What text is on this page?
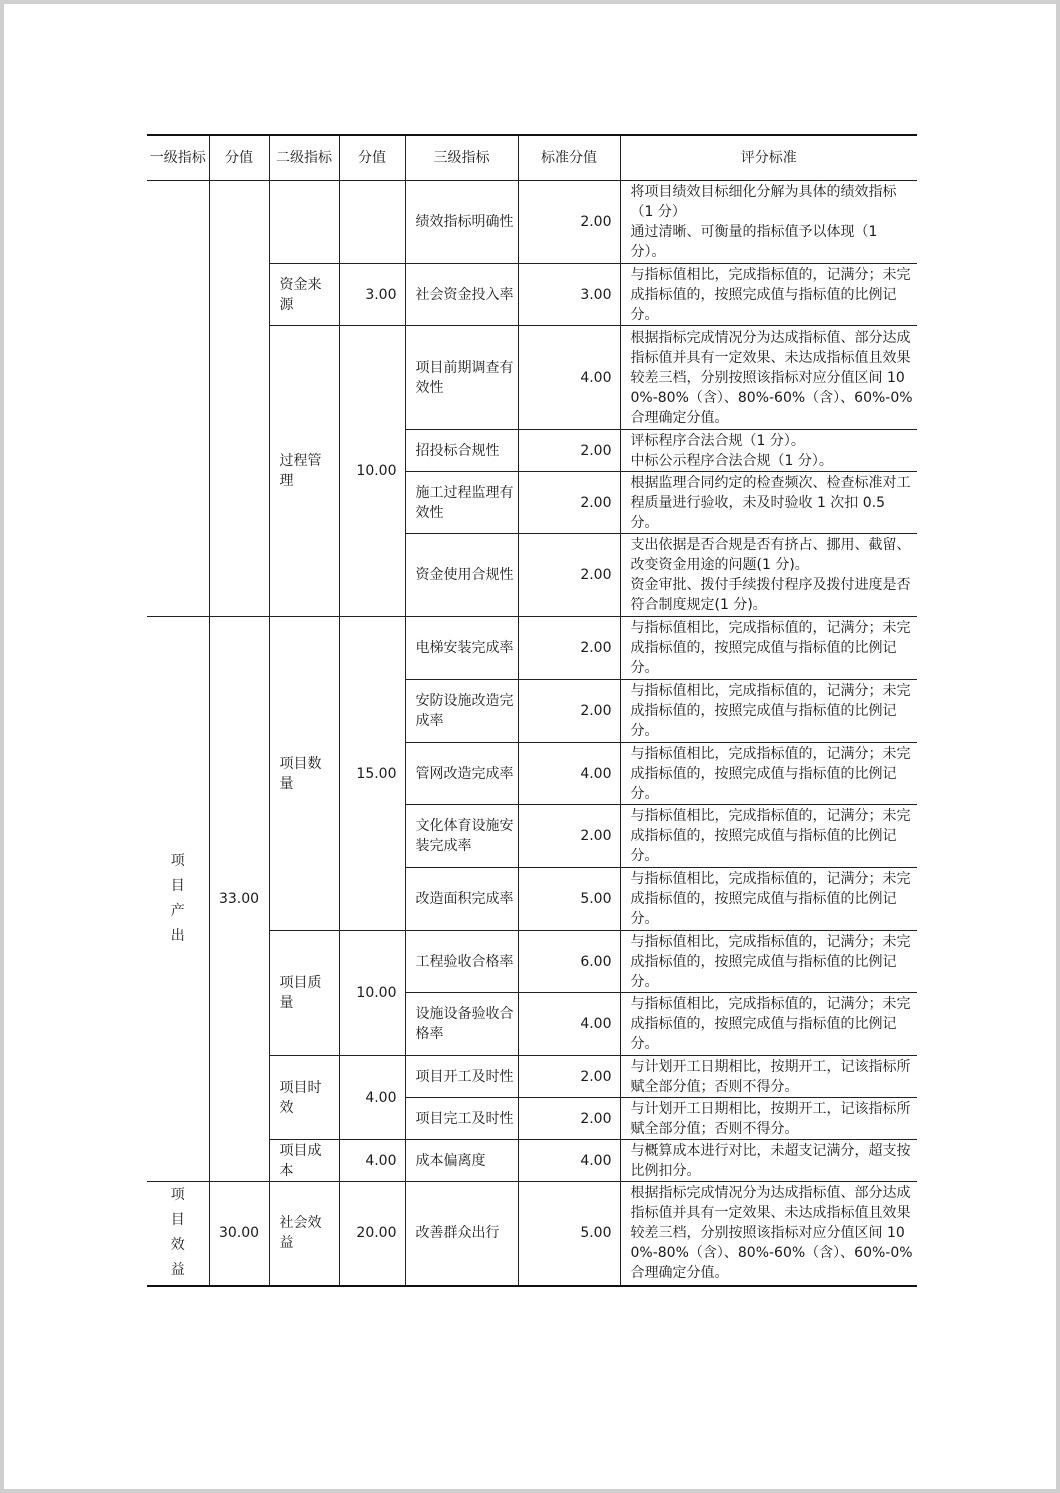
一级指标	分值	二级指标	分值	三级指标	标准分值	评分标准
				绩效指标明确性	2.00	将项目绩效目标细化分解为具体的绩效指标（1 分）
通过清晰、可衡量的指标值予以体现（1 分）。
		资金来源	3.00	社会资金投入率	3.00	与指标值相比，完成指标值的，记满分；未完成指标值的，按照完成值与指标值的比例记分。
		过程管理	10.00	项目前期调查有效性	4.00	根据指标完成情况分为达成指标值、部分达成指标值并具有一定效果、未达成指标值且效果较差三档，分别按照该指标对应分值区间 100%-80%（含）、80%-60%（含）、60%-0%合理确定分值。
				招投标合规性	2.00	评标程序合法合规（1 分）。
中标公示程序合法合规（1 分）。
				施工过程监理有效性	2.00	根据监理合同约定的检查频次、检查标准对工程质量进行验收，未及时验收 1 次扣 0.5 分。
				资金使用合规性	2.00	支出依据是否合规是否有挤占、挪用、截留、改变资金用途的问题(1 分)。
资金审批、拨付手续拨付程序及拨付进度是否符合制度规定(1 分)。
项目产出	33.00	项目数量	15.00	电梯安装完成率	2.00	与指标值相比，完成指标值的，记满分；未完成指标值的，按照完成值与指标值的比例记分。
				安防设施改造完成率	2.00	与指标值相比，完成指标值的，记满分；未完成指标值的，按照完成值与指标值的比例记分。
				管网改造完成率	4.00	与指标值相比，完成指标值的，记满分；未完成指标值的，按照完成值与指标值的比例记分。
				文化体育设施安装完成率	2.00	与指标值相比，完成指标值的，记满分；未完成指标值的，按照完成值与指标值的比例记分。
				改造面积完成率	5.00	与指标值相比，完成指标值的，记满分；未完成指标值的，按照完成值与指标值的比例记分。
		项目质量	10.00	工程验收合格率	6.00	与指标值相比，完成指标值的，记满分；未完成指标值的，按照完成值与指标值的比例记分。
				设施设备验收合格率	4.00	与指标值相比，完成指标值的，记满分；未完成指标值的，按照完成值与指标值的比例记分。
		项目时效	4.00	项目开工及时性	2.00	与计划开工日期相比，按期开工，记该指标所赋全部分值；否则不得分。
				项目完工及时性	2.00	与计划开工日期相比，按期开工，记该指标所赋全部分值；否则不得分。
		项目成本	4.00	成本偏离度	4.00	与概算成本进行对比，未超支记满分，超支按比例扣分。
项目效益	30.00	社会效益	20.00	改善群众出行	5.00	根据指标完成情况分为达成指标值、部分达成指标值并具有一定效果、未达成指标值且效果较差三档，分别按照该指标对应分值区间 100%-80%（含）、80%-60%（含）、60%-0%合理确定分值。
